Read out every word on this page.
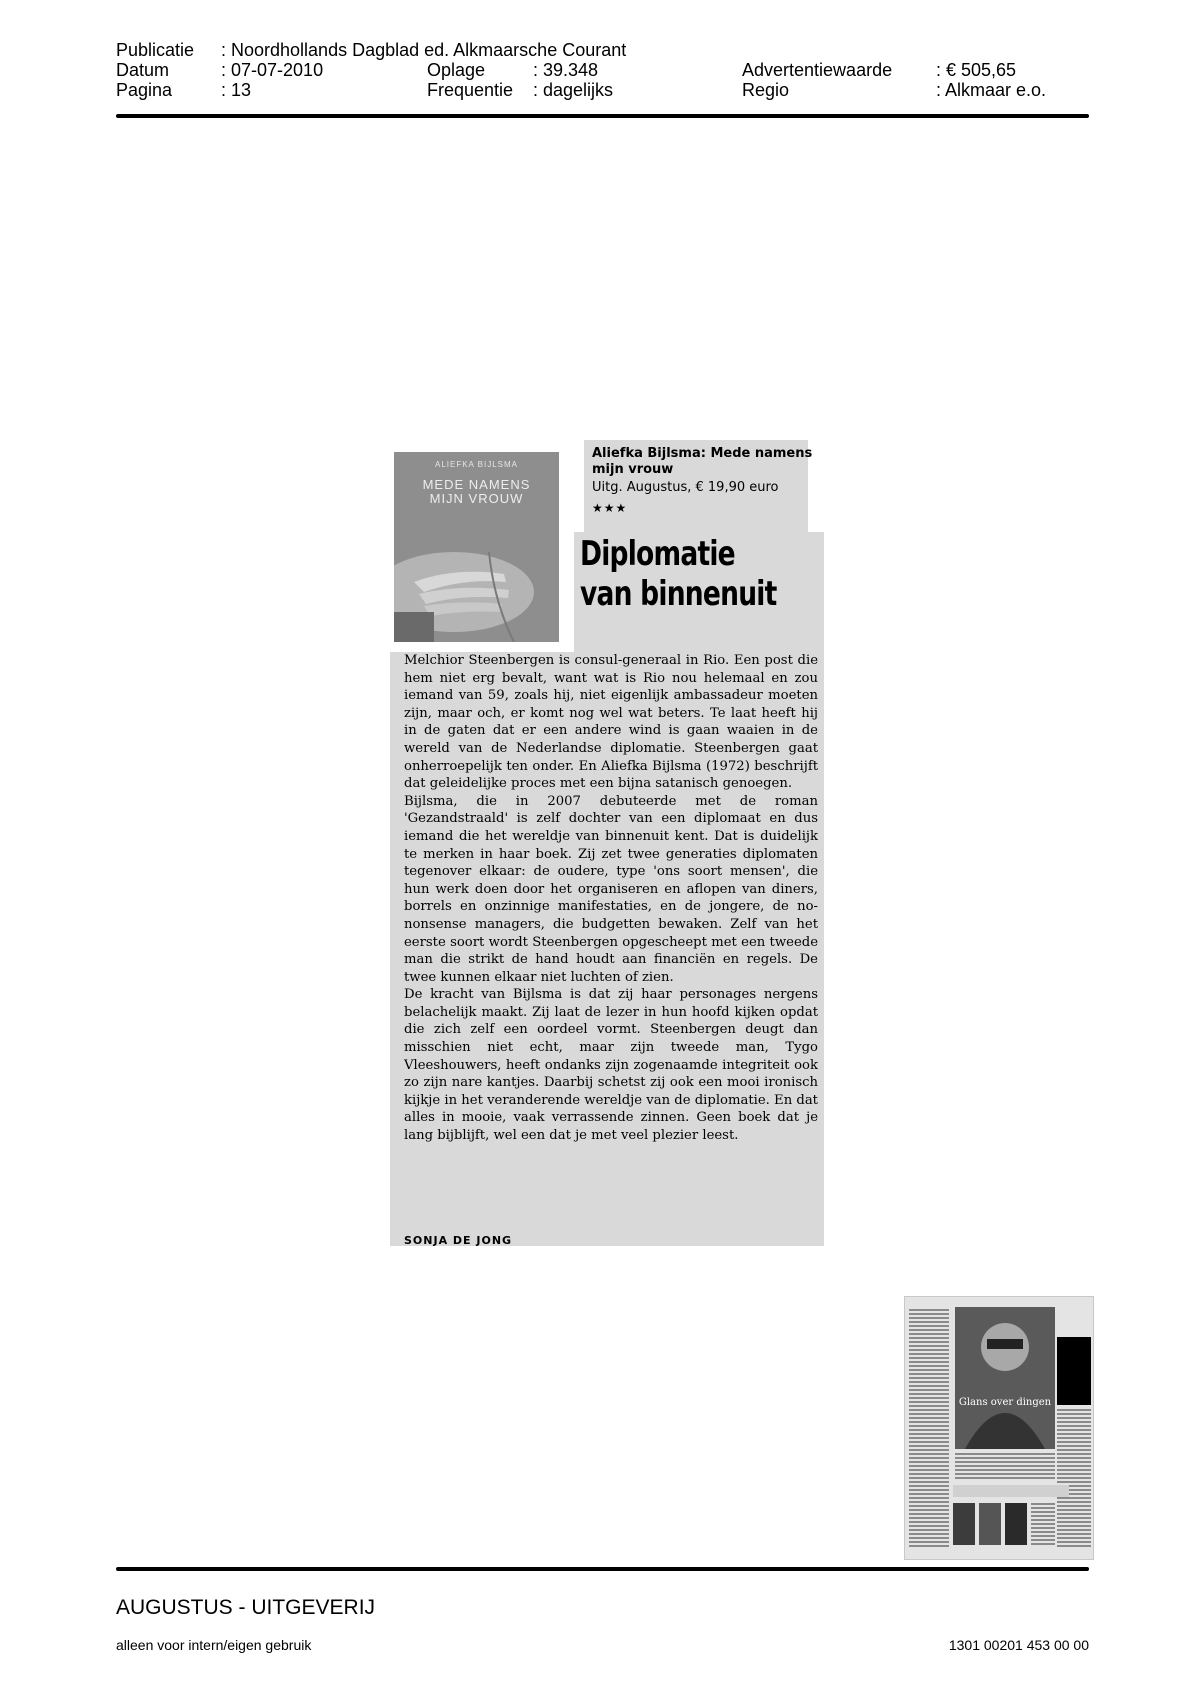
Publicatie : Noordhollands Dagblad ed. Alkmaarsche Courant
Datum	: 07-07-2010	Oplage	: 39.348	Advertentiewaarde : € 505,65
Pagina	: 13	Frequentie : dagelijks	Regio	: Alkmaar e.o.
ALIEFKA BIJLSMA
MEDE NAMENS
MIJN VROUW
Aliefka Bijlsma: Mede namens
mijn vrouw
Uitg. Augustus, € 19,90 euro
★★★
Diplomatie
van binnenuit

Melchior Steenbergen is consul-generaal in Rio. Een post die hem niet erg bevalt, want wat is Rio nou helemaal en zou iemand van 59, zoals hij, niet eigenlijk ambassadeur moeten zijn, maar och, er komt nog wel wat beters. Te laat heeft hij in de gaten dat er een andere wind is gaan waaien in de wereld van de Nederlandse diplomatie. Steenbergen gaat onherroepelijk ten onder. En Aliefka Bijlsma (1972) beschrijft dat geleidelijke proces met een bijna satanisch genoegen.

Bijlsma, die in 2007 debuteerde met de roman 'Gezandstraald' is zelf dochter van een diplomaat en dus iemand die het wereldje van binnenuit kent. Dat is duidelijk te merken in haar boek. Zij zet twee generaties diplomaten tegenover elkaar: de oudere, type 'ons soort mensen', die hun werk doen door het organiseren en aflopen van diners, borrels en onzinnige manifestaties, en de jongere, de no-nonsense managers, die budgetten bewaken. Zelf van het eerste soort wordt Steenbergen opgescheept met een tweede man die strikt de hand houdt aan financiën en regels. De twee kunnen elkaar niet luchten of zien.

De kracht van Bijlsma is dat zij haar personages nergens belachelijk maakt. Zij laat de lezer in hun hoofd kijken opdat die zich zelf een oordeel vormt. Steenbergen deugt dan misschien niet echt, maar zijn tweede man, Tygo Vleeshouwers, heeft ondanks zijn zogenaamde integriteit ook zo zijn nare kantjes. Daarbij schetst zij ook een mooi ironisch kijkje in het veranderende wereldje van de diplomatie. En dat alles in mooie, vaak verrassende zinnen. Geen boek dat je lang bijblijft, wel een dat je met veel plezier leest.

SONJA DE JONG
Glans over dingen
AUGUSTUS - UITGEVERIJ
alleen voor intern/eigen gebruik	1301 00201 453 00 00
